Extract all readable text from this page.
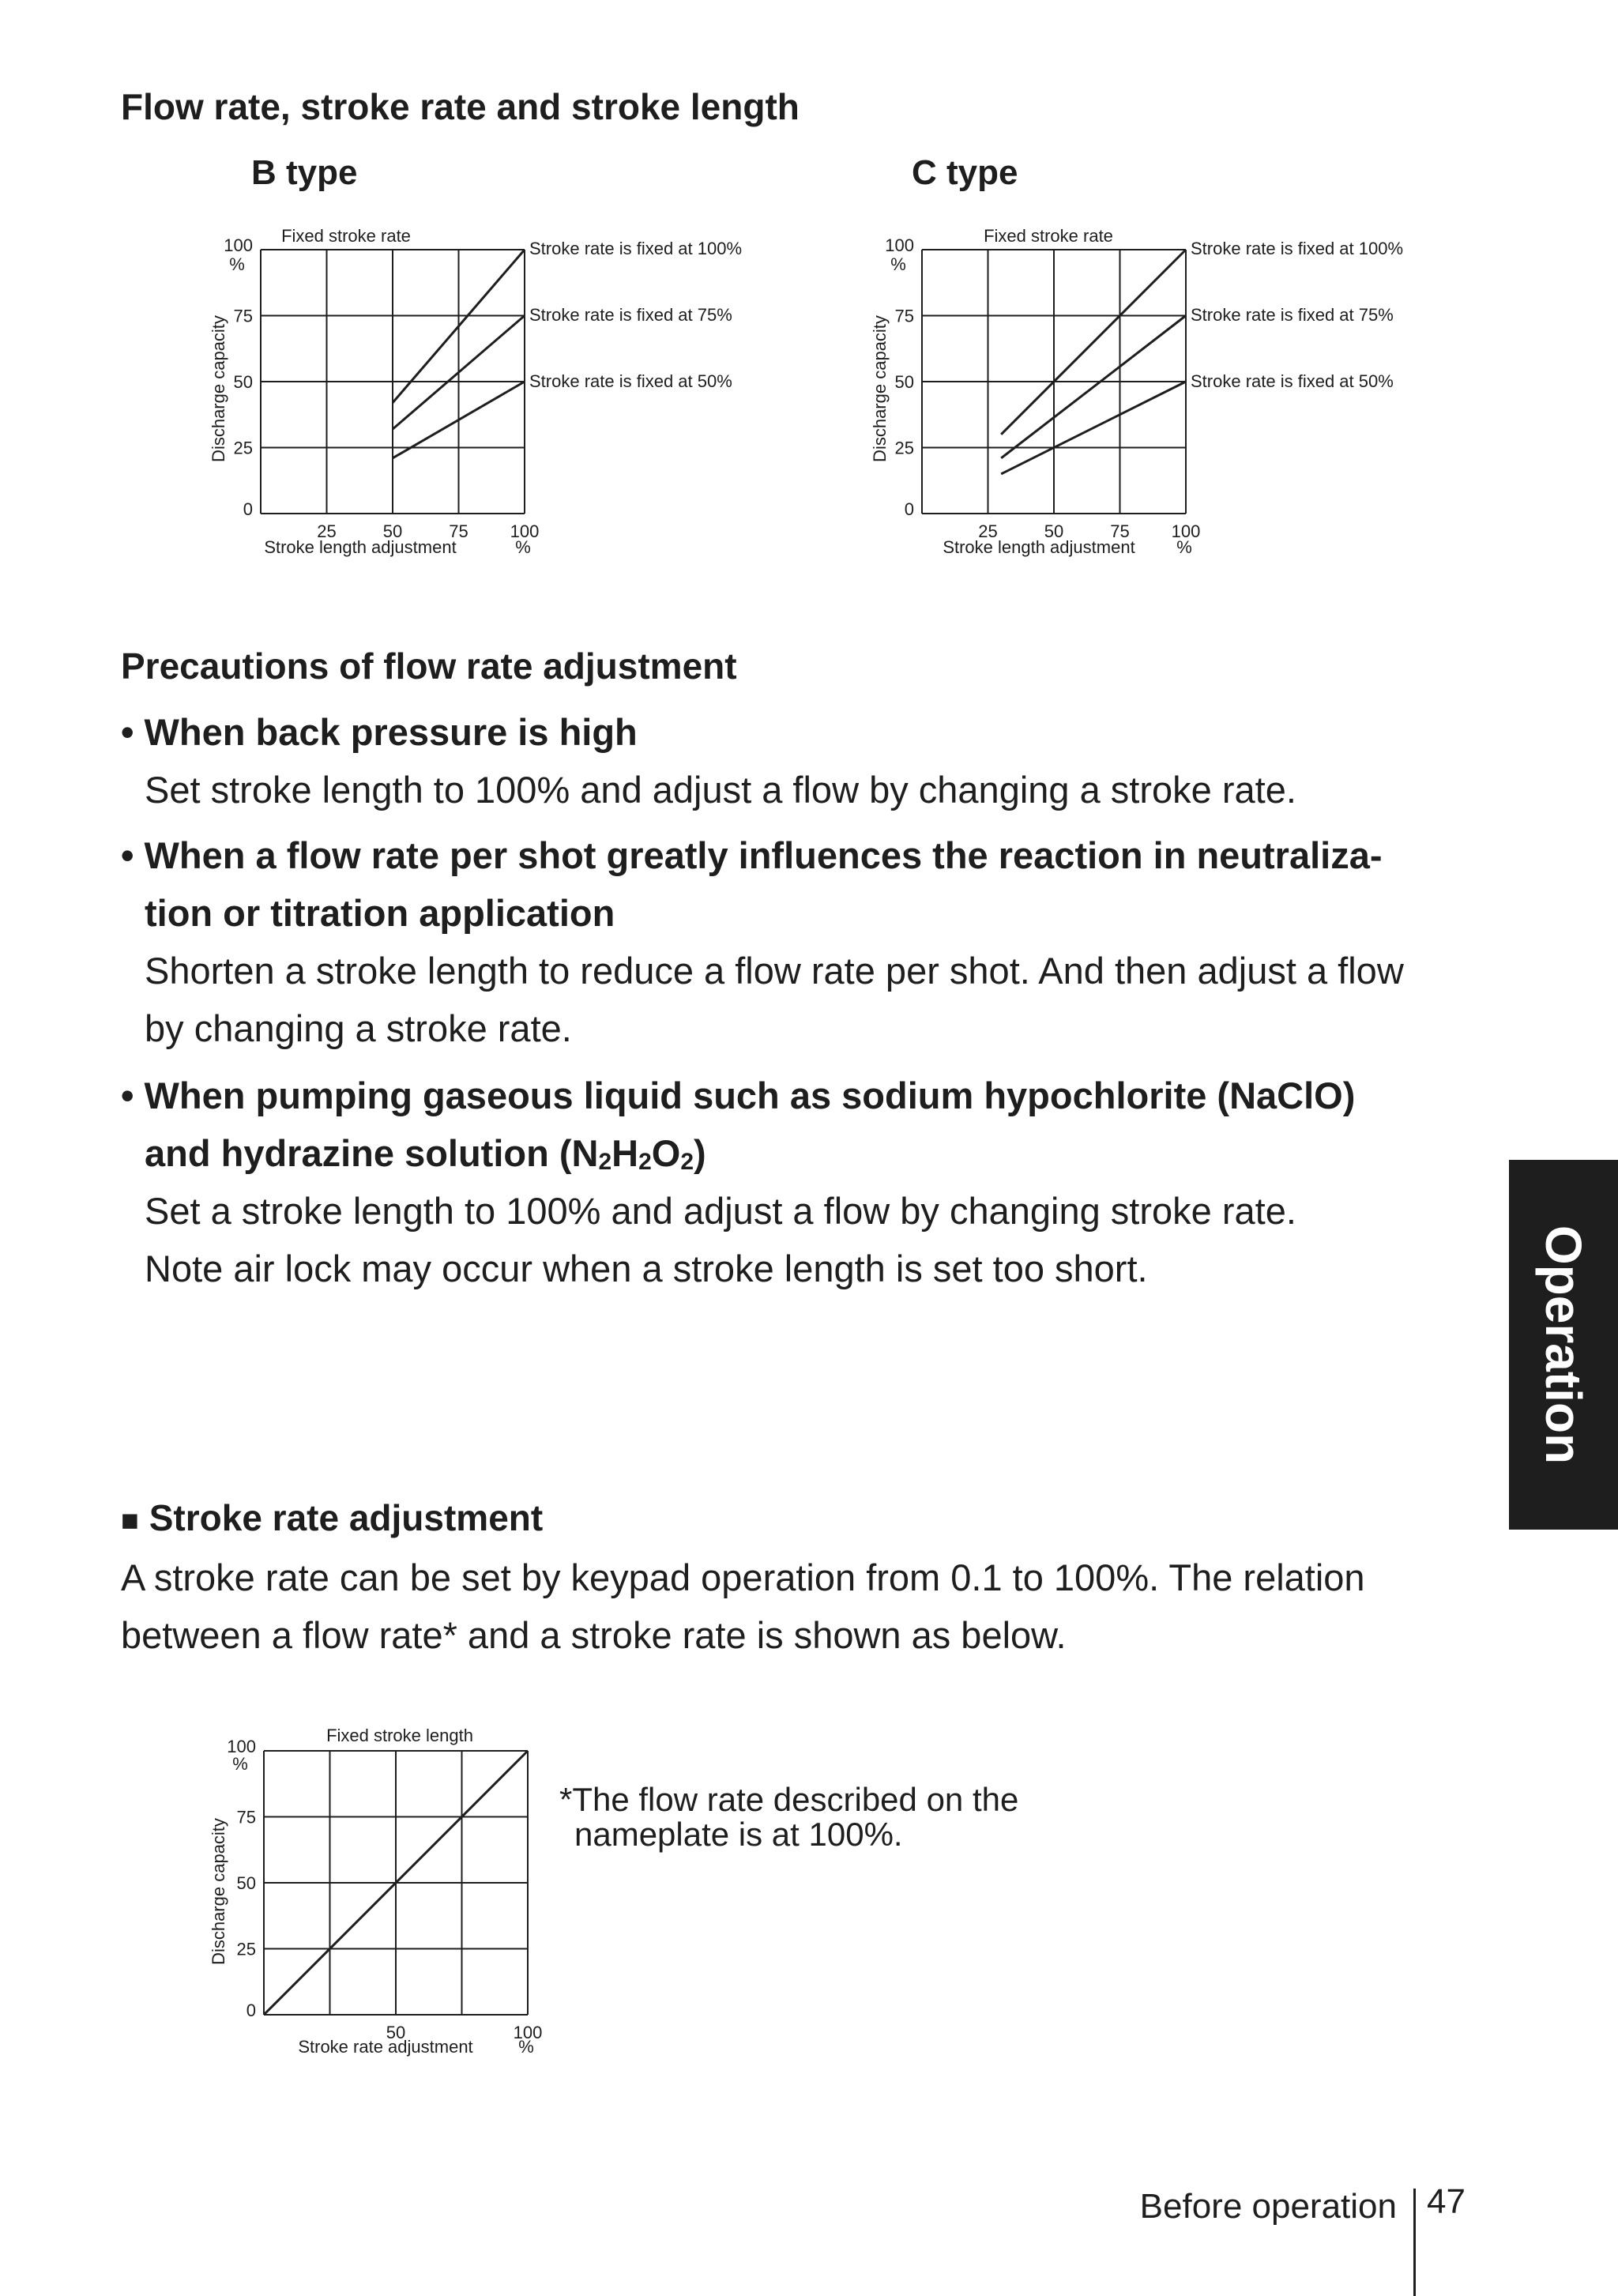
Flow rate, stroke rate and stroke length
B type	C type
Fixed stroke rate
0
25
50
75
100
25	50	75 100
%
%
Discharge capacity
Stroke length adjustment
Stroke rate is fixed at 100%
Stroke rate is fixed at 75%
Stroke rate is fixed at 50%
Fixed stroke rate
0
25
50
75
100
25	50	75 100
%
%
Discharge capacity
Stroke length adjustment
Stroke rate is fixed at 100%
Stroke rate is fixed at 75%
Stroke rate is fixed at 50%
Precautions of flow rate adjustment
• When back pressure is high
Set stroke length to 100% and adjust a flow by changing a stroke rate.
• When a flow rate per shot greatly influences the reaction in neutraliza-
tion or titration application
Shorten a stroke length to reduce a flow rate per shot. And then adjust a flow
by changing a stroke rate.
• When pumping gaseous liquid such as sodium hypochlorite (NaClO)
and hydrazine solution $(N_2H_2O_2)$
Set a stroke length to 100% and adjust a flow by changing stroke rate.
Note air lock may occur when a stroke length is set too short.
■ Stroke rate adjustment
A stroke rate can be set by keypad operation from 0.1 to 100%. The relation
between a flow rate* and a stroke rate is shown as below.
Fixed stroke length
0
25
50
75
100
50	100
%
%
Discharge capacity
Stroke rate adjustment
*The flow rate described on the
nameplate is at 100%.
Operation
Before operation 47
